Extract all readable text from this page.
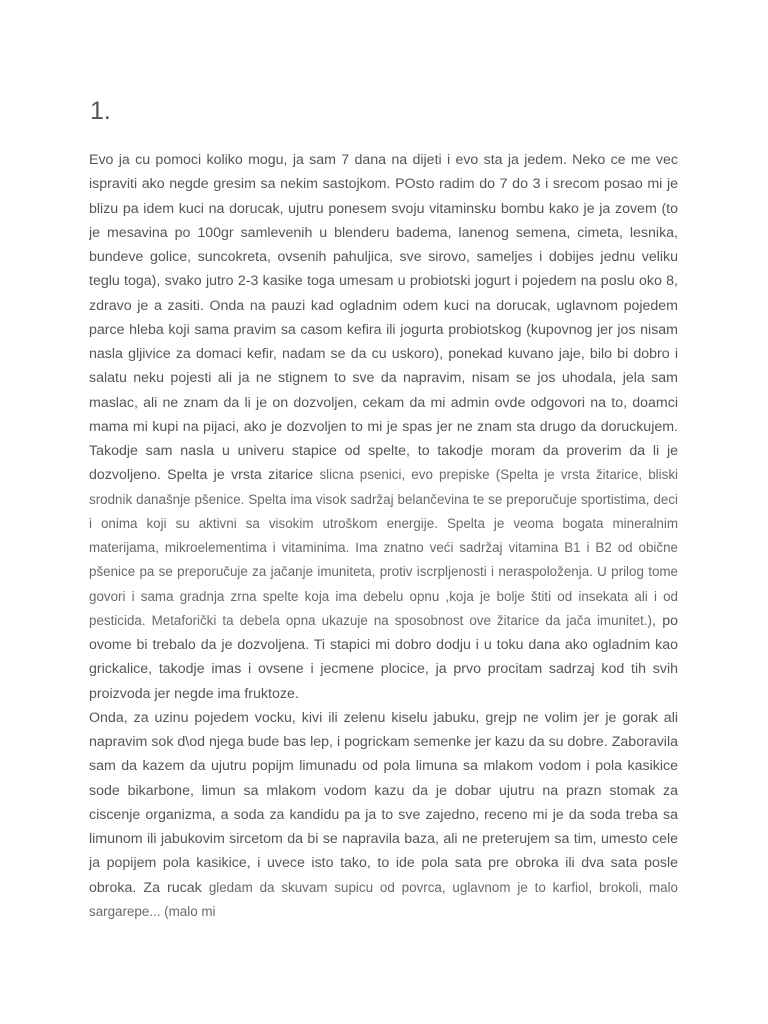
1.

Evo ja cu pomoci koliko mogu, ja sam 7 dana na dijeti i evo sta ja jedem. Neko ce me vec ispraviti ako negde gresim sa nekim sastojkom. POsto radim do 7 do 3 i srecom posao mi je blizu pa idem kuci na dorucak, ujutru ponesem svoju vitaminsku bombu kako je ja zovem (to je mesavina po 100gr samlevenih u blenderu badema, lanenog semena, cimeta, lesnika, bundeve golice, suncokreta, ovsenih pahuljica, sve sirovo, sameljes i dobijes jednu veliku teglu toga), svako jutro 2-3 kasike toga umesam u probiotski jogurt i pojedem na poslu oko 8, zdravo je a zasiti. Onda na pauzi kad ogladnim odem kuci na dorucak, uglavnom pojedem parce hleba koji sama pravim sa casom kefira ili jogurta probiotskog (kupovnog jer jos nisam nasla gljivice za domaci kefir, nadam se da cu uskoro), ponekad kuvano jaje, bilo bi dobro i salatu neku pojesti ali ja ne stignem to sve da napravim, nisam se jos uhodala, jela sam maslac, ali ne znam da li je on dozvoljen, cekam da mi admin ovde odgovori na to, doamci mama mi kupi na pijaci, ako je dozvoljen to mi je spas jer ne znam sta drugo da doruckujem. Takodje sam nasla u univeru stapice od spelte, to takodje moram da proverim da li je dozvoljeno. Spelta je vrsta zitarice slicna psenici, evo prepiske (Spelta je vrsta žitarice, bliski srodnik današnje pšenice. Spelta ima visok sadržaj belančevina te se preporučuje sportistima, deci i onima koji su aktivni sa visokim utroškom energije. Spelta je veoma bogata mineralnim materijama, mikroelementima i vitaminima. Ima znatno veći sadržaj vitamina B1 i B2 od obične pšenice pa se preporučuje za jačanje imuniteta, protiv iscrpljenosti i neraspoloženja. U prilog tome govori i sama gradnja zrna spelte koja ima debelu opnu ,koja je bolje štiti od insekata ali i od pesticida. Metaforički ta debela opna ukazuje na sposobnost ove žitarice da jača imunitet.), po ovome bi trebalo da je dozvoljena. Ti stapici mi dobro dodju i u toku dana ako ogladnim kao grickalice, takodje imas i ovsene i jecmene plocice, ja prvo procitam sadrzaj kod tih svih proizvoda jer negde ima fruktoze.

Onda, za uzinu pojedem vocku, kivi ili zelenu kiselu jabuku, grejp ne volim jer je gorak ali napravim sok d\od njega bude bas lep, i pogrickam semenke jer kazu da su dobre. Zaboravila sam da kazem da ujutru popijm limunadu od pola limuna sa mlakom vodom i pola kasikice sode bikarbone, limun sa mlakom vodom kazu da je dobar ujutru na prazn stomak za ciscenje organizma, a soda za kandidu pa ja to sve zajedno, receno mi je da soda treba sa limunom ili jabukovim sircetom da bi se napravila baza, ali ne preterujem sa tim, umesto cele ja popijem pola kasikice, i uvece isto tako, to ide pola sata pre obroka ili dva sata posle obroka. Za rucak gledam da skuvam supicu od povrca, uglavnom je to karfiol, brokoli, malo sargarepe... (malo mi
